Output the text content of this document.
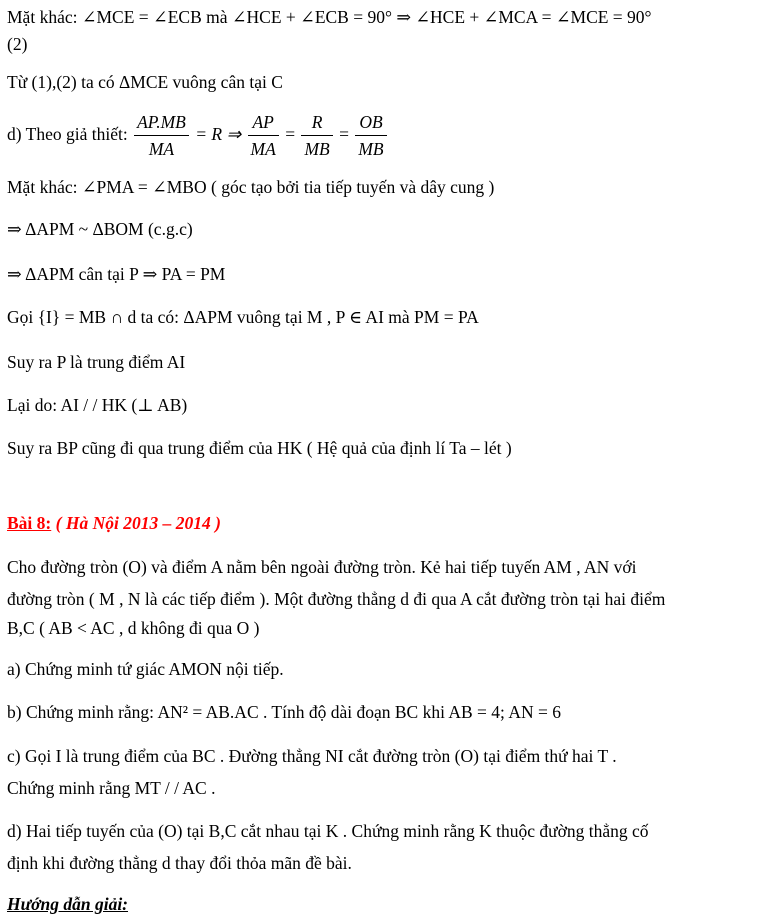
Mặt khác: ∠MCE = ∠ECB mà ∠HCE + ∠ECB = 90° ⇒ ∠HCE + ∠MCA = ∠MCE = 90°
(2)
Từ (1),(2) ta có ΔMCE vuông cân tại C
d) Theo giả thiết: $\frac{AP.MB}{MA} = R$ ⇒ $\frac{AP}{MA} = \frac{R}{MB} = \frac{OB}{MB}$
Mặt khác: ∠PMA = ∠MBO ( góc tạo bởi tia tiếp tuyến và dây cung )
⇒ ΔAPM ~ ΔBOM (c.g.c)
⇒ ΔAPM cân tại P ⇒ PA = PM
Gọi {I} = MB ∩ d ta có: ΔAPM vuông tại M , P ∈ AI mà PM = PA
Suy ra P là trung điểm AI
Lại do: AI / / HK (⊥ AB)
Suy ra BP cũng đi qua trung điểm của HK ( Hệ quả của định lí Ta – lét )
Bài 8: ( Hà Nội 2013 – 2014 )
Cho đường tròn (O) và điểm A nằm bên ngoài đường tròn. Kẻ hai tiếp tuyến AM , AN với
đường tròn ( M , N là các tiếp điểm ). Một đường thẳng d đi qua A cắt đường tròn tại hai điểm
B,C ( AB < AC , d không đi qua O )
a) Chứng minh tứ giác AMON nội tiếp.
b) Chứng minh rằng: AN² = AB.AC . Tính độ dài đoạn BC khi AB = 4; AN = 6
c) Gọi I là trung điểm của BC . Đường thẳng NI cắt đường tròn (O) tại điểm thứ hai T .
Chứng minh rằng MT / / AC .
d) Hai tiếp tuyến của (O) tại B,C cắt nhau tại K . Chứng minh rằng K thuộc đường thẳng cố
định khi đường thẳng d thay đổi thỏa mãn đề bài.
Hướng dẫn giải:
